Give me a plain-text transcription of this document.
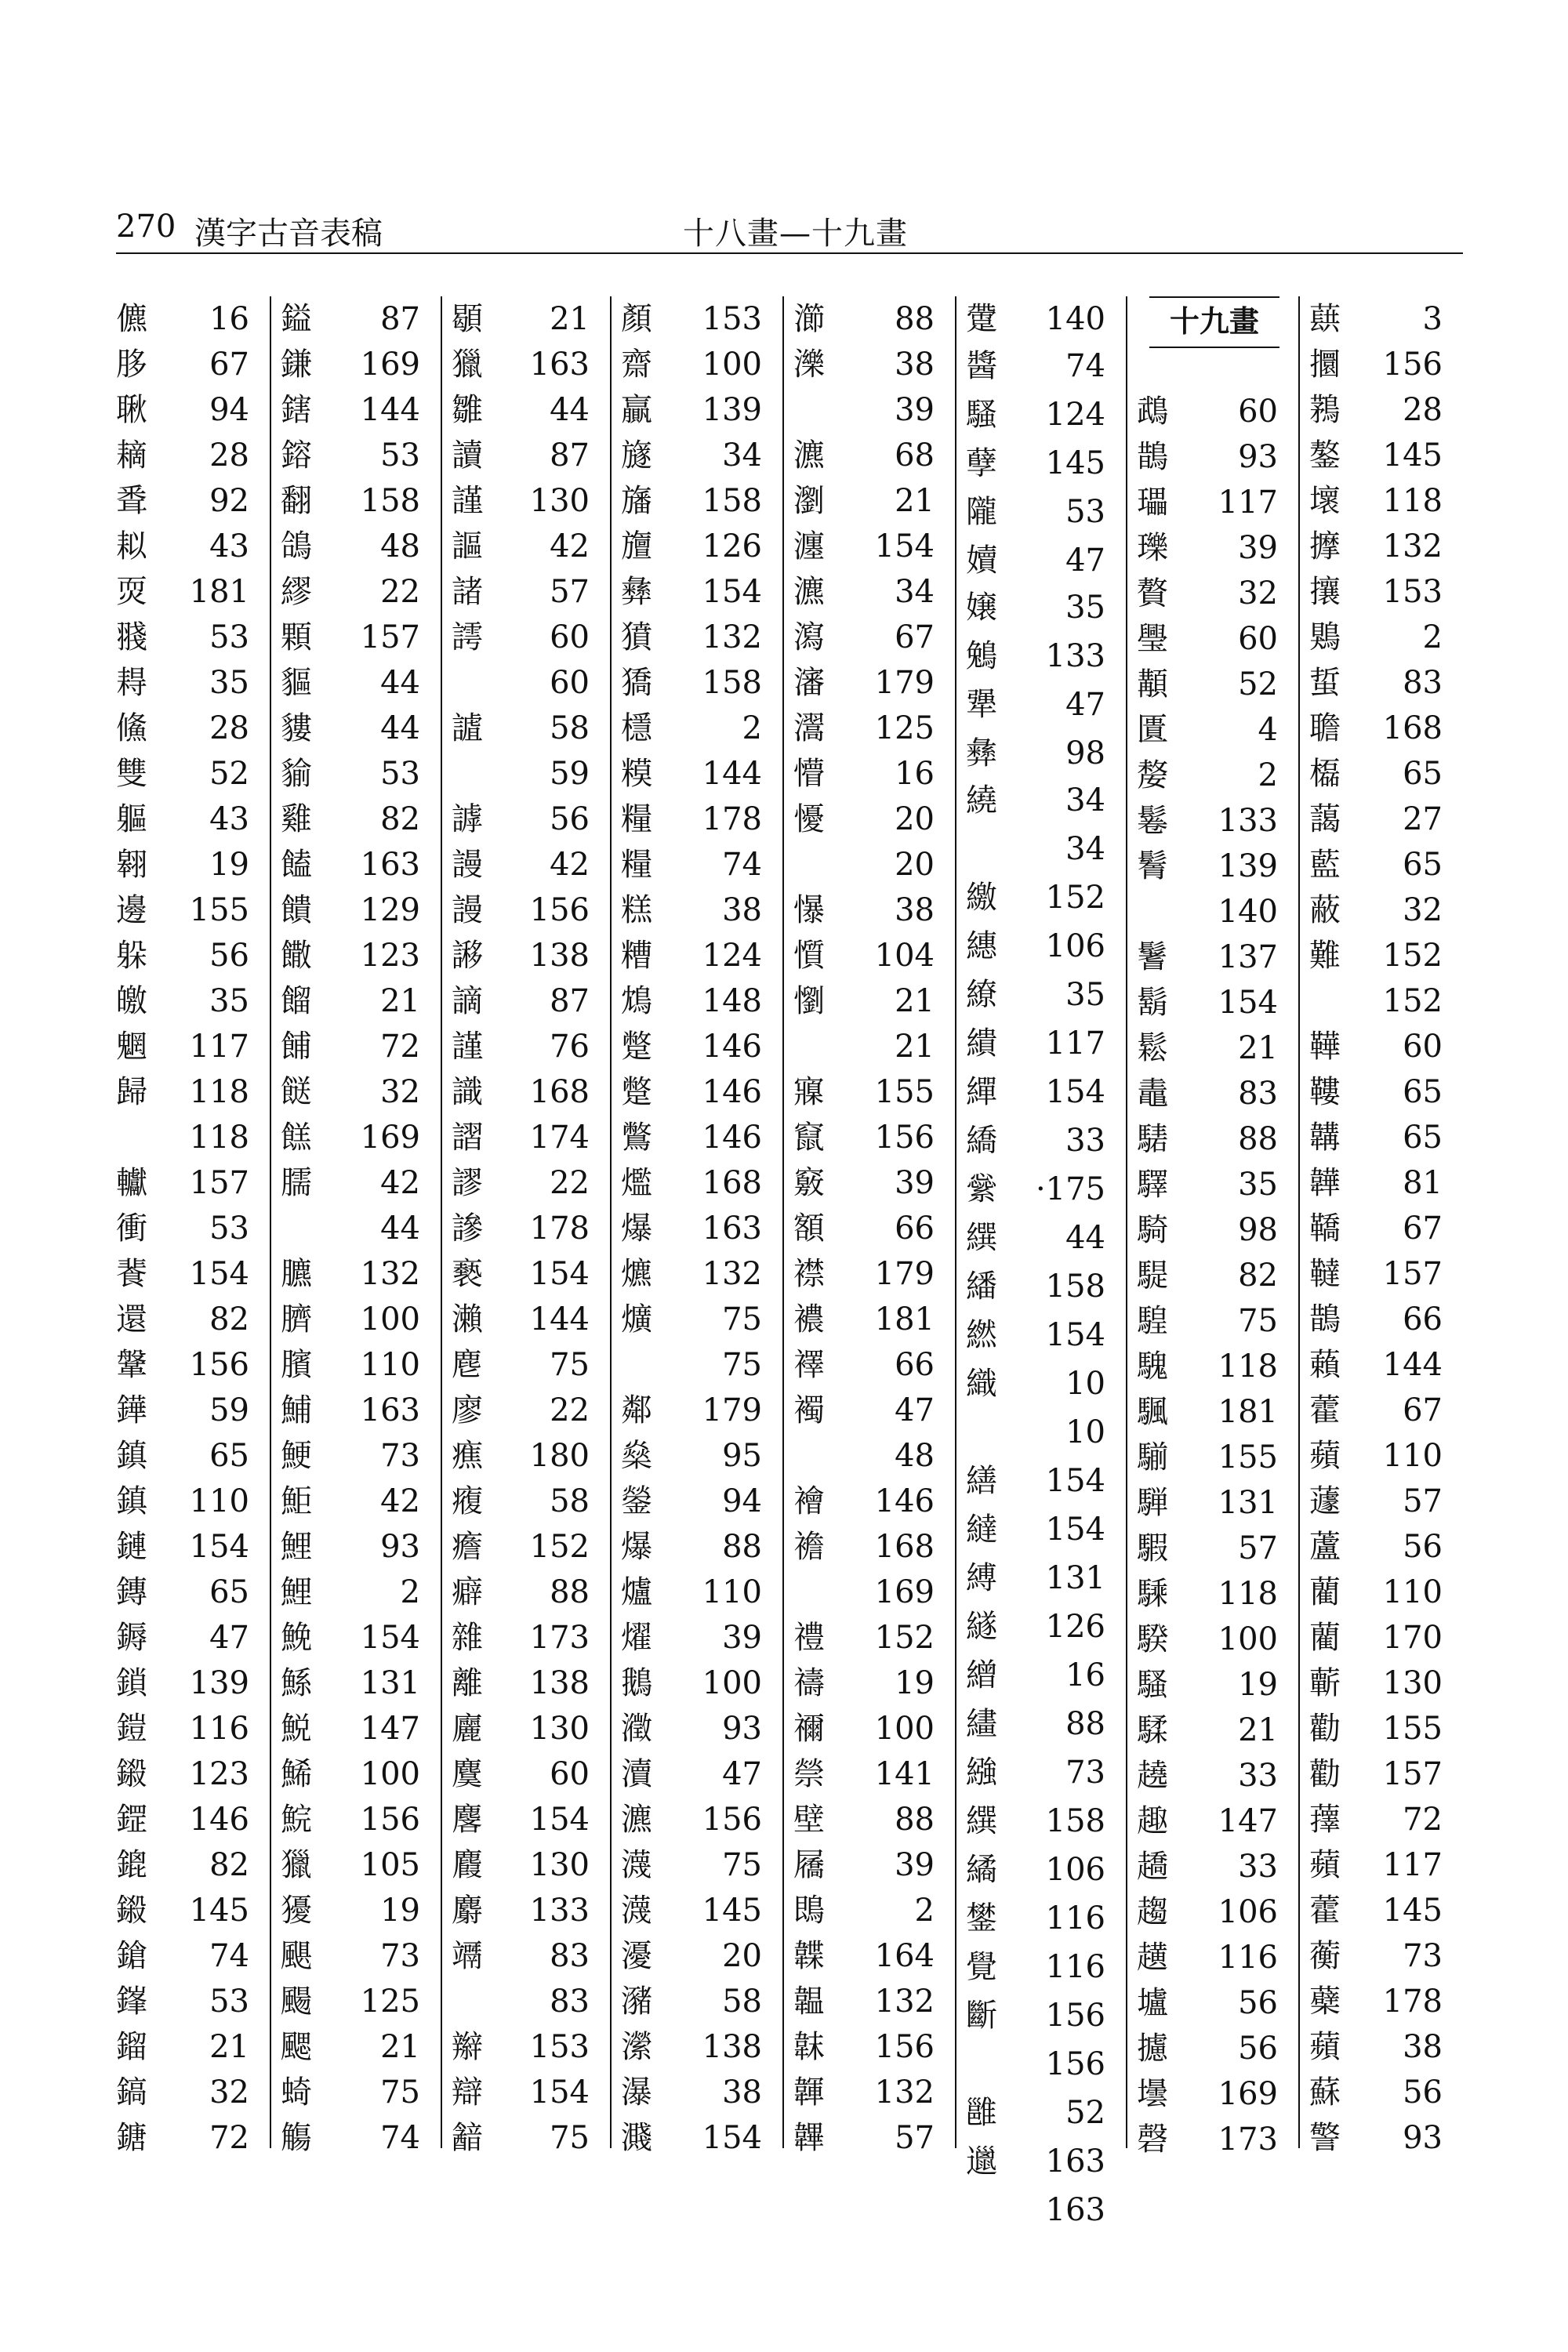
270 漢字古音表稿	十八畫—十九畫
儦 16
䏧 67
䎿 94
䎮 28
䎹 92
䎣 43
䎡 181
䎒 53
䎪 35
鯈 28
雙 52
軀 43
翱 19
邊 155
躲 56
皦 35
魍 117
歸 118
118
䡾 157
衝 53
餥 154
還 82
鞶 156
鏵 59
鎮 65
鎮 110
鏈 154
鏄 65
鎒 47
鎖 139
鎧 116
鎩 123
鎠 146
鎞 82
鎩 145
鎗 74
鎽 53
鎦 21
鎬 32
鎕 72
鎰 87
鎌 169
鎋 144
鎔 53
翻 158
鴿 48
繆 22
顆 157
貙 44
貗 44
貐 53
雞 82
饁 163
饋 129
饊 123
餾 21
餔 72
餸 32
餻 169
臑 42
44
臕 132
臍 100
臏 110
鯆 163
鯁 73
鮔 42
鯉 93
鯉	2
鮸 154
鯀 131
鮵 147
鯑 100
鯇 156
獵 105
獶 19
颶 73
颺 125
颸 21
䗁 75
觴 74
䫘 21
獵 163
雛 44
讀 87
謹 130
謳 42
諸 57
謣 60
60
謯 58
59
謼 56
謾 42
謾 156
謻 138
謫 87
謹 76
識 168
謵 174
謬 22
謲 178
褻 154
瀨 144
麀 75
廖 22
癄 180
癁 58
癚 152
癖 88
雜 173
離 138
廲 130
麌 60
麐 154
麚 130
麝 133
竵 83
83
辮 153
辯 154
韽 75
顏 153
齋 100
贏 139
旞 34
旛 158
旜 126
彝 154
獖 132
獢 158
檼	2
糢 144
糧 178
糧 74
糕 38
糟 124
鴆 148
蹩 146
蹩 146
鷩 146
爁 168
爆 163
爊 132
爌 75
75
鄰 179
燊 95
鎣 94
爆 88
爐 110
燿 39
鵝 100
瀓 93
瀆 47
瀌 156
瀎 75
瀎 145
瀀 20
瀦 58
瀠 138
瀑 38
濺 154
瀄 88
濼 38
39
瀌 68
瀏 21
瀍 154
瀌 34
瀉 67
瀋 179
瀥 125
懵 16
懮 20
20
懪 38
懫 104
懰 21
21
寱 155
竄 156
竅 39
額 66
襟 179
襛 181
襗 66
襡 47
48
襘 146
襜 168
169
禮 152
禱 19
禰 100
禜 141
壁 88
屩 39
鵖	2
韘 164
韞 132
韎 156
韗 132
韠 57
䠠 140
醬 74
騷 124
孽 145
隴 53
嬻 47
嬢 35
鵵 133
犟 47
彝 98
繞 34
34
繳 152
繐 106
繚 35
繢 117
繟 154
繑 33
繠 ·175
繏 44
繙 158
繎 154
織 10
10
繕 154
繨 154
縛 131
繸 126
繒 16
繣 88
繈 73
繏 158
繘 106
鐢 116
覺 116
斷 156
156
雝 52
邋 163
163
十九畫
鵡 60
鵲 93
瓃 117
瓅 39
贅 32
璺 60
顜 52
匱	4
嫠	2
鬈 133
鬌 139
140
鬐 137
鬍 154
鬆 21
鼃 83
騞 88
驛 35
騎 98
騠 82
騜 75
騩 118
颿 181
騚 155
騨 131
騢 57
騬 118
騤 100
騷 19
騥 21
趬 33
趣 147
趫 33
趨 106
趪 116
壚 56
攄 56
壜 169
磬 173
蕻	3
攌 156
鶜 28
鏊 145
壞 118
擵 132
攘 153
鶪	2
蜇 83
聸 168
㰁 65
藹 27
藍 65
蔽 32
難 152
152
鞾 60
鞻 65
韝 65
韡 81
鞽 67
韃 157
鵲 66
藾 144
藿 67
蘋 110
蘧 57
蘆 56
藺 110
藺 170
蘄 130
勸 155
勸 157
蘀 72
蘋 117
藿 145
蘅 73
蘗 178
蘋 38
蘇 56
警 93
